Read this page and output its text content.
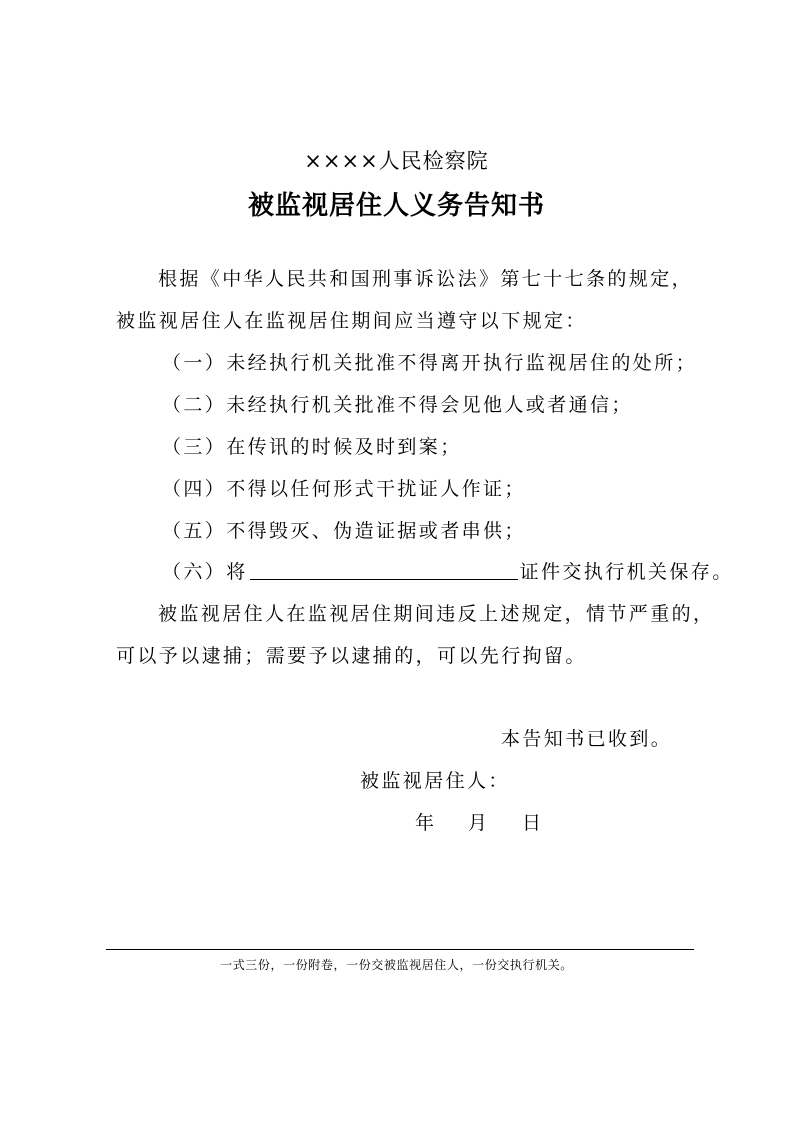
××××人民检察院
被监视居住人义务告知书
根据《中华人民共和国刑事诉讼法》第七十七条的规定，
被监视居住人在监视居住期间应当遵守以下规定：
（一）未经执行机关批准不得离开执行监视居住的处所；
（二）未经执行机关批准不得会见他人或者通信；
（三）在传讯的时候及时到案；
（四）不得以任何形式干扰证人作证；
（五）不得毁灭、伪造证据或者串供；
（六）将	证件交执行机关保存。
被监视居住人在监视居住期间违反上述规定，情节严重的，
可以予以逮捕；需要予以逮捕的，可以先行拘留。
本告知书已收到。
被监视居住人：
年 月 日
一式三份，一份附卷，一份交被监视居住人，一份交执行机关。
